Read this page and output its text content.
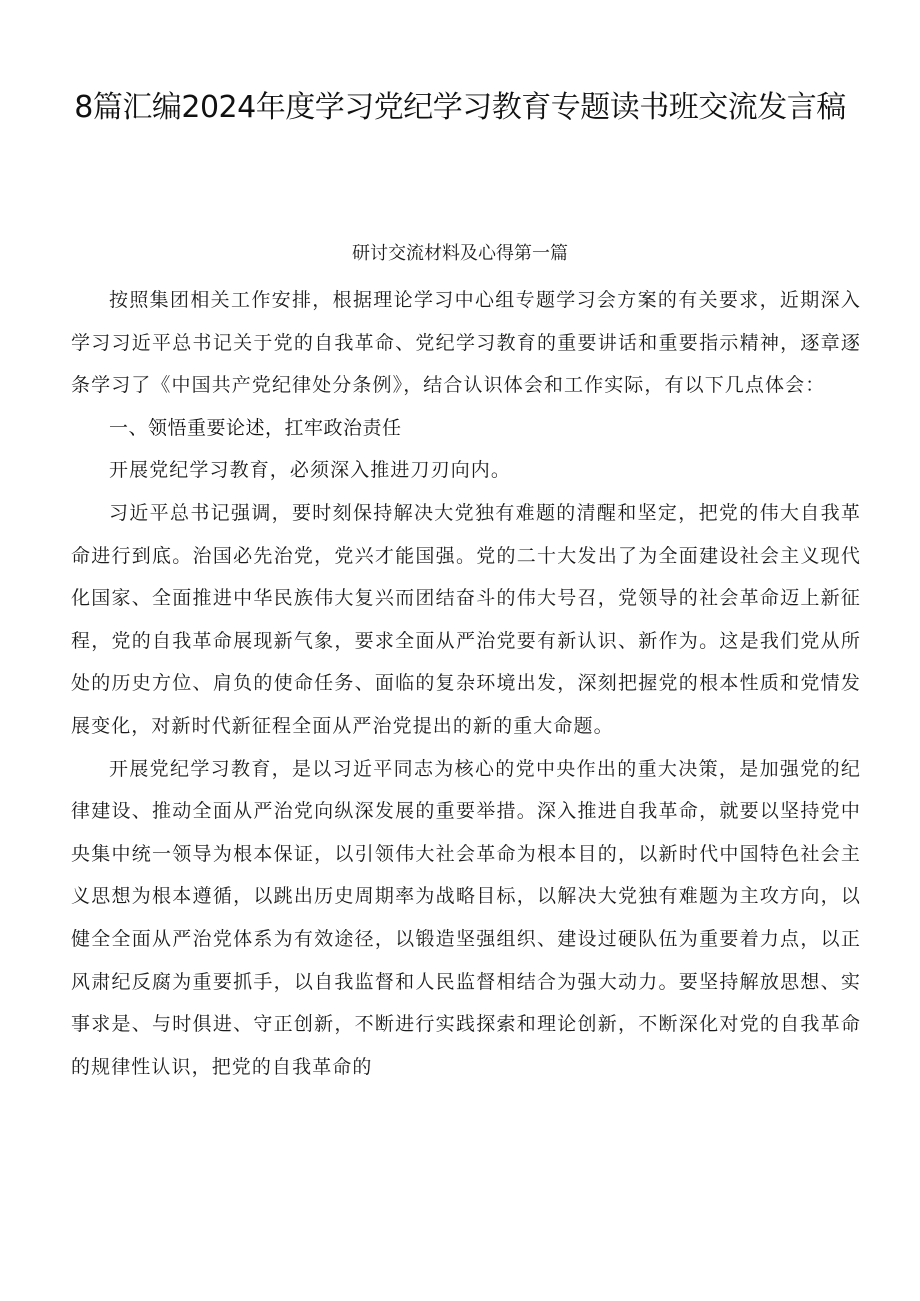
8篇汇编2024年度学习党纪学习教育专题读书班交流发言稿
研讨交流材料及心得第一篇

按照集团相关工作安排，根据理论学习中心组专题学习会方案的有关要求，近期深入学习习近平总书记关于党的自我革命、党纪学习教育的重要讲话和重要指示精神，逐章逐条学习了《中国共产党纪律处分条例》，结合认识体会和工作实际，有以下几点体会：

一、领悟重要论述，扛牢政治责任

开展党纪学习教育，必须深入推进刀刃向内。

习近平总书记强调，要时刻保持解决大党独有难题的清醒和坚定，把党的伟大自我革命进行到底。治国必先治党，党兴才能国强。党的二十大发出了为全面建设社会主义现代化国家、全面推进中华民族伟大复兴而团结奋斗的伟大号召，党领导的社会革命迈上新征程，党的自我革命展现新气象，要求全面从严治党要有新认识、新作为。这是我们党从所处的历史方位、肩负的使命任务、面临的复杂环境出发，深刻把握党的根本性质和党情发展变化，对新时代新征程全面从严治党提出的新的重大命题。

开展党纪学习教育，是以习近平同志为核心的党中央作出的重大决策，是加强党的纪律建设、推动全面从严治党向纵深发展的重要举措。深入推进自我革命，就要以坚持党中央集中统一领导为根本保证，以引领伟大社会革命为根本目的，以新时代中国特色社会主义思想为根本遵循，以跳出历史周期率为战略目标，以解决大党独有难题为主攻方向，以健全全面从严治党体系为有效途径，以锻造坚强组织、建设过硬队伍为重要着力点，以正风肃纪反腐为重要抓手，以自我监督和人民监督相结合为强大动力。要坚持解放思想、实事求是、与时俱进、守正创新，不断进行实践探索和理论创新，不断深化对党的自我革命的规律性认识，把党的自我革命的
